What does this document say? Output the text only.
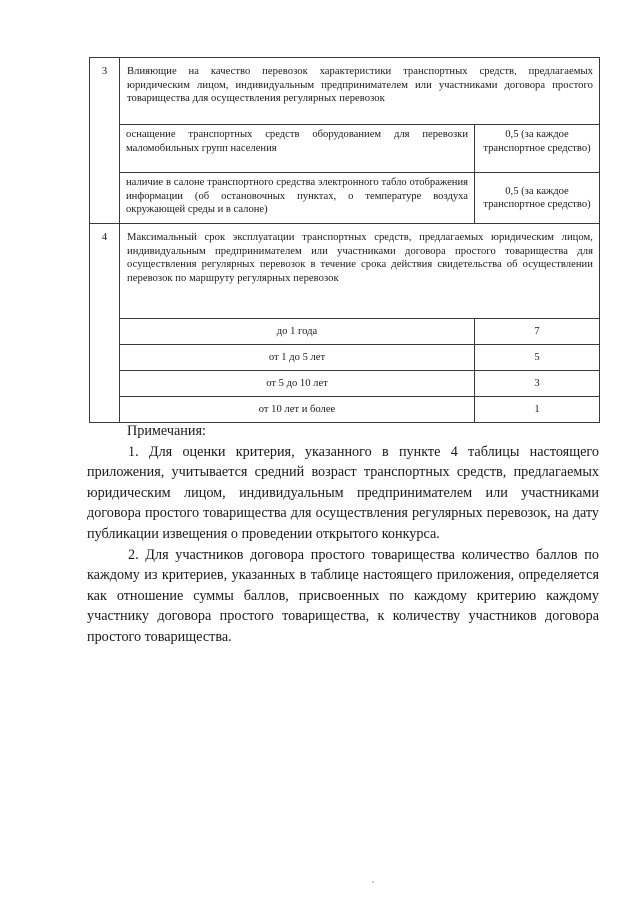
3	Влияющие на качество перевозок характеристики транспортных средств, предлагаемых юридическим лицом, индивидуальным предпринимателем или участниками договора простого товарищества для осуществления регулярных перевозок	
	оснащение транспортных средств оборудованием для перевозки маломобильных групп населения	0,5 (за каждое транспортное средство)
	наличие в салоне транспортного средства электронного табло отображения информации (об остановочных пунктах, о температуре воздуха окружающей среды и в салоне)	0,5 (за каждое транспортное средство)
4	Максимальный срок эксплуатации транспортных средств, предлагаемых юридическим лицом, индивидуальным предпринимателем или участниками договора простого товарищества для осуществления регулярных перевозок в течение срока действия свидетельства об осуществлении перевозок по маршруту регулярных перевозок	
	до 1 года	7
	от 1 до 5 лет	5
	от 5 до 10 лет	3
	от 10 лет и более	1

Примечания:

1. Для оценки критерия, указанного в пункте 4 таблицы настоящего приложения, учитывается средний возраст транспортных средств, предлагаемых юридическим лицом, индивидуальным предпринимателем или участниками договора простого товарищества для осуществления регулярных перевозок, на дату публикации извещения о проведении открытого конкурса.

2. Для участников договора простого товарищества количество баллов по каждому из критериев, указанных в таблице настоящего приложения, определяется как отношение суммы баллов, присвоенных по каждому критерию каждому участнику договора простого товарищества, к количеству участников договора простого товарищества.
